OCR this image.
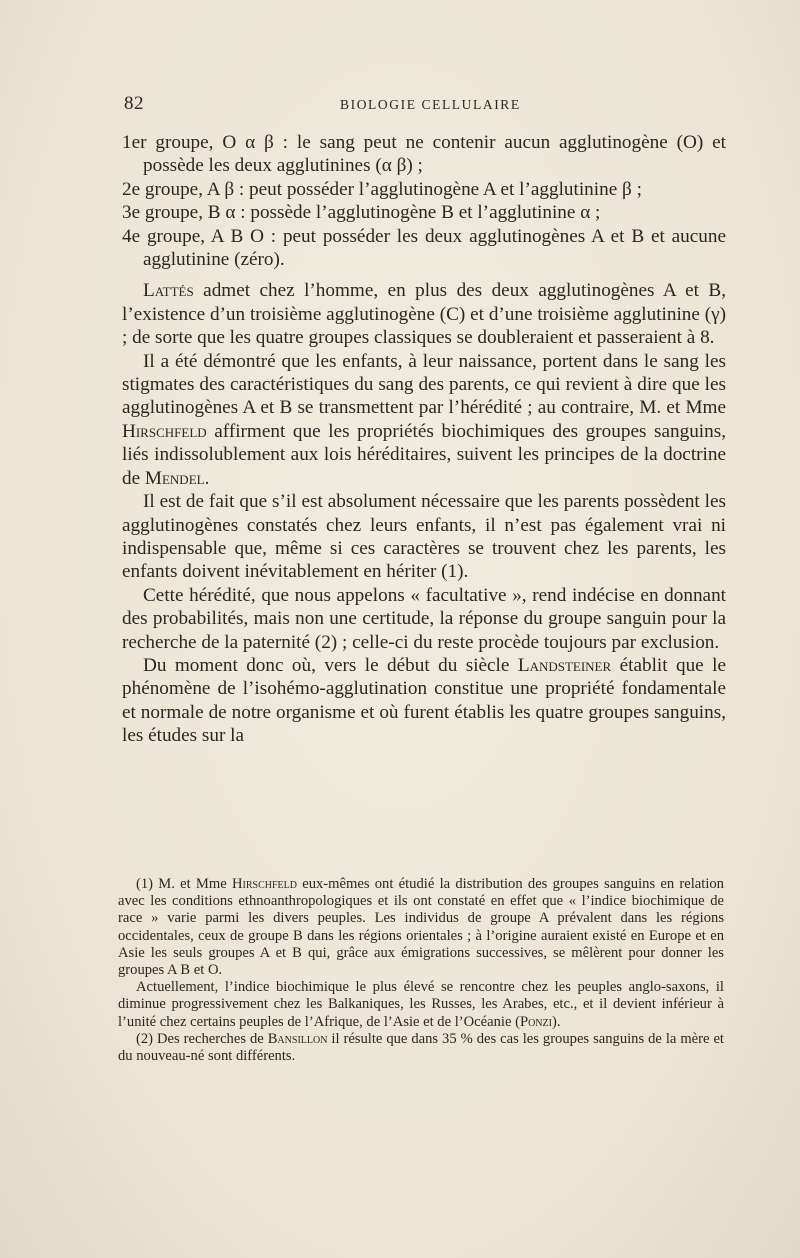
82	BIOLOGIE CELLULAIRE

1er groupe, O α β : le sang peut ne contenir aucun agglutinogène (O) et possède les deux agglutinines (α β) ;

2e groupe, A β : peut posséder l’agglutinogène A et l’agglutinine β ;

3e groupe, B α : possède l’agglutinogène B et l’agglutinine α ;

4e groupe, A B O : peut posséder les deux agglutinogènes A et B et aucune agglutinine (zéro).

Lattés admet chez l’homme, en plus des deux agglutinogènes A et B, l’existence d’un troisième agglutinogène (C) et d’une troisième agglutinine (γ) ; de sorte que les quatre groupes classiques se doubleraient et passeraient à 8.

Il a été démontré que les enfants, à leur naissance, portent dans le sang les stigmates des caractéristiques du sang des parents, ce qui revient à dire que les agglutinogènes A et B se transmettent par l’hérédité ; au contraire, M. et Mme Hirschfeld affirment que les propriétés biochimiques des groupes sanguins, liés indissolublement aux lois héréditaires, suivent les principes de la doctrine de Mendel.

Il est de fait que s’il est absolument nécessaire que les parents possèdent les agglutinogènes constatés chez leurs enfants, il n’est pas également vrai ni indispensable que, même si ces caractères se trouvent chez les parents, les enfants doivent inévitablement en hériter (1).

Cette hérédité, que nous appelons « facultative », rend indécise en donnant des probabilités, mais non une certitude, la réponse du groupe sanguin pour la recherche de la paternité (2) ; celle-ci du reste procède toujours par exclusion.

Du moment donc où, vers le début du siècle Landsteiner établit que le phénomène de l’isohémo-agglutination constitue une propriété fondamentale et normale de notre organisme et où furent établis les quatre groupes sanguins, les études sur la

(1) M. et Mme Hirschfeld eux-mêmes ont étudié la distribution des groupes sanguins en relation avec les conditions ethnoanthropologiques et ils ont constaté en effet que « l’indice biochimique de race » varie parmi les divers peuples. Les individus de groupe A prévalent dans les régions occidentales, ceux de groupe B dans les régions orientales ; à l’origine auraient existé en Europe et en Asie les seuls groupes A et B qui, grâce aux émigrations successives, se mêlèrent pour donner les groupes A B et O.

Actuellement, l’indice biochimique le plus élevé se rencontre chez les peuples anglo-saxons, il diminue progressivement chez les Balkaniques, les Russes, les Arabes, etc., et il devient inférieur à l’unité chez certains peuples de l’Afrique, de l’Asie et de l’Océanie (Ponzi).

(2) Des recherches de Bansillon il résulte que dans 35 % des cas les groupes sanguins de la mère et du nouveau-né sont différents.
